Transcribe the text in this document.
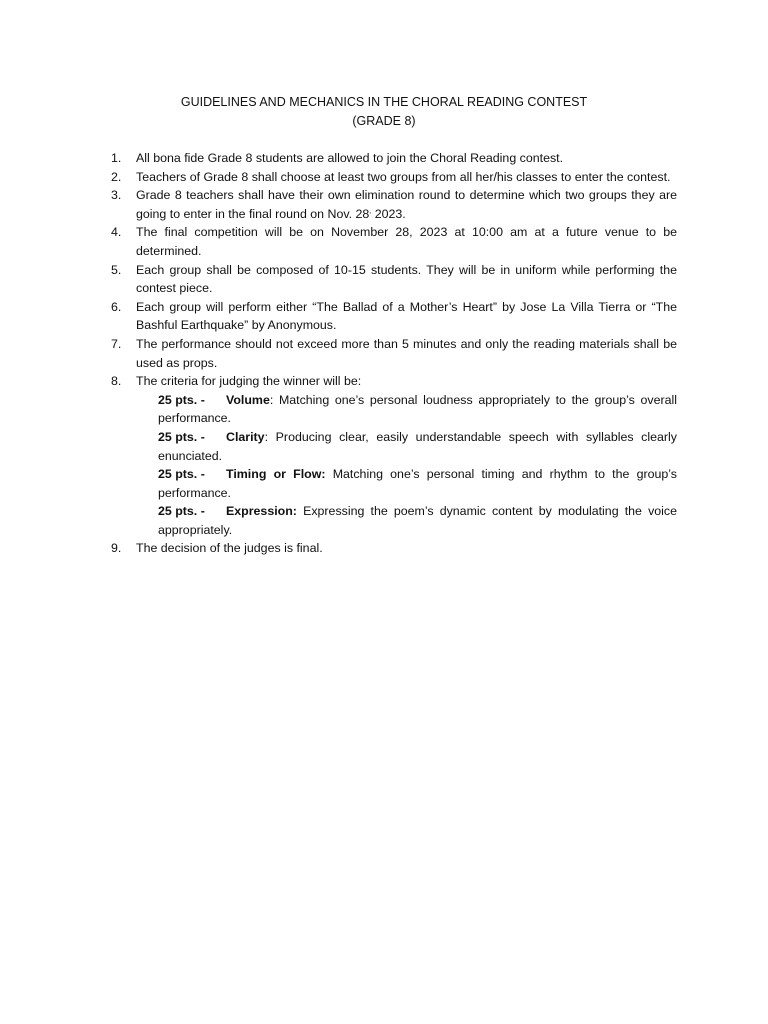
GUIDELINES AND MECHANICS IN THE CHORAL READING CONTEST
(GRADE 8)
1.	All bona fide Grade 8 students are allowed to join the Choral Reading contest.
2.	Teachers of Grade 8 shall choose at least two groups from all her/his classes to enter the contest.
3.	Grade 8 teachers shall have their own elimination round to determine which two groups they are going to enter in the final round on Nov. 28, 2023.
4.	The final competition will be on November 28, 2023 at 10:00 am at a future venue to be determined.
5.	Each group shall be composed of 10-15 students. They will be in uniform while performing the contest piece.
6.	Each group will perform either “The Ballad of a Mother’s Heart” by Jose La Villa Tierra or “The Bashful Earthquake” by Anonymous.
7.	The performance should not exceed more than 5 minutes and only the reading materials shall be used as props.
8.	The criteria for judging the winner will be:
25 pts. - Volume: Matching one’s personal loudness appropriately to the group’s overall performance.
25 pts. - Clarity: Producing clear, easily understandable speech with syllables clearly enunciated.
25 pts. - Timing or Flow: Matching one’s personal timing and rhythm to the group’s performance.
25 pts. - Expression: Expressing the poem’s dynamic content by modulating the voice appropriately.
9.	The decision of the judges is final.
